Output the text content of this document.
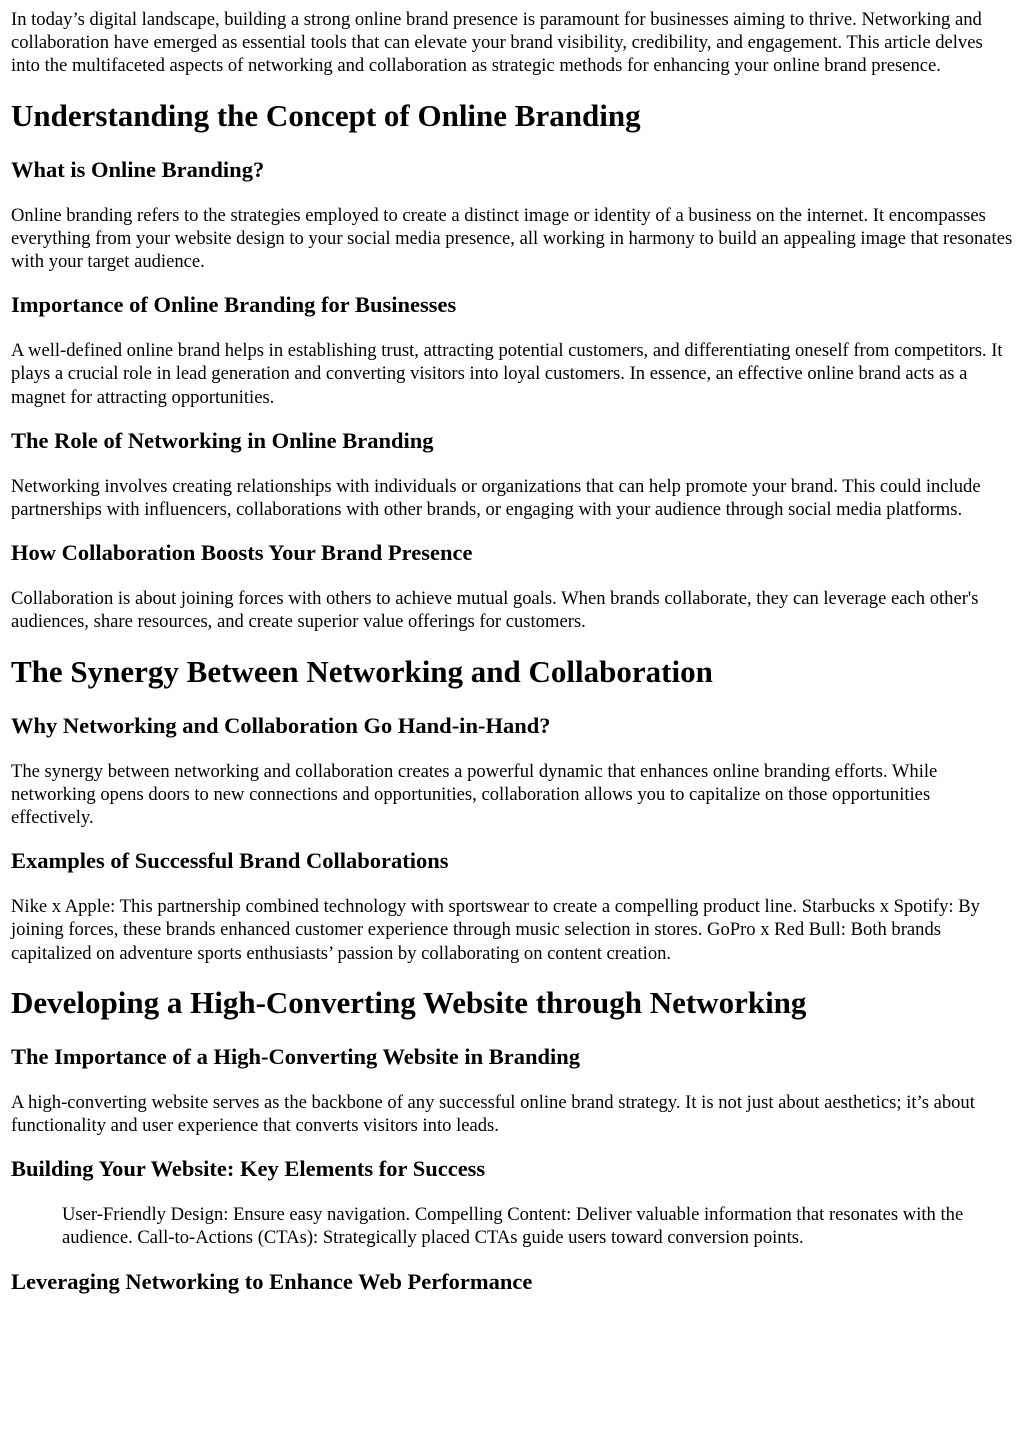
In today’s digital landscape, building a strong online brand presence is paramount for businesses aiming to thrive. Networking and collaboration have emerged as essential tools that can elevate your brand visibility, credibility, and engagement. This article delves into the multifaceted aspects of networking and collaboration as strategic methods for enhancing your online brand presence.

Understanding the Concept of Online Branding
What is Online Branding?

Online branding refers to the strategies employed to create a distinct image or identity of a business on the internet. It encompasses everything from your website design to your social media presence, all working in harmony to build an appealing image that resonates with your target audience.

Importance of Online Branding for Businesses

A well-defined online brand helps in establishing trust, attracting potential customers, and differentiating oneself from competitors. It plays a crucial role in lead generation and converting visitors into loyal customers. In essence, an effective online brand acts as a magnet for attracting opportunities.

The Role of Networking in Online Branding

Networking involves creating relationships with individuals or organizations that can help promote your brand. This could include partnerships with influencers, collaborations with other brands, or engaging with your audience through social media platforms.

How Collaboration Boosts Your Brand Presence

Collaboration is about joining forces with others to achieve mutual goals. When brands collaborate, they can leverage each other's audiences, share resources, and create superior value offerings for customers.

The Synergy Between Networking and Collaboration
Why Networking and Collaboration Go Hand-in-Hand?

The synergy between networking and collaboration creates a powerful dynamic that enhances online branding efforts. While networking opens doors to new connections and opportunities, collaboration allows you to capitalize on those opportunities effectively.

Examples of Successful Brand Collaborations

Nike x Apple: This partnership combined technology with sportswear to create a compelling product line. Starbucks x Spotify: By joining forces, these brands enhanced customer experience through music selection in stores. GoPro x Red Bull: Both brands capitalized on adventure sports enthusiasts’ passion by collaborating on content creation.

Developing a High-Converting Website through Networking
The Importance of a High-Converting Website in Branding

A high-converting website serves as the backbone of any successful online brand strategy. It is not just about aesthetics; it’s about functionality and user experience that converts visitors into leads.

Building Your Website: Key Elements for Success
User-Friendly Design: Ensure easy navigation. Compelling Content: Deliver valuable information that resonates with the audience. Call-to-Actions (CTAs): Strategically placed CTAs guide users toward conversion points.
Leveraging Networking to Enhance Web Performance
